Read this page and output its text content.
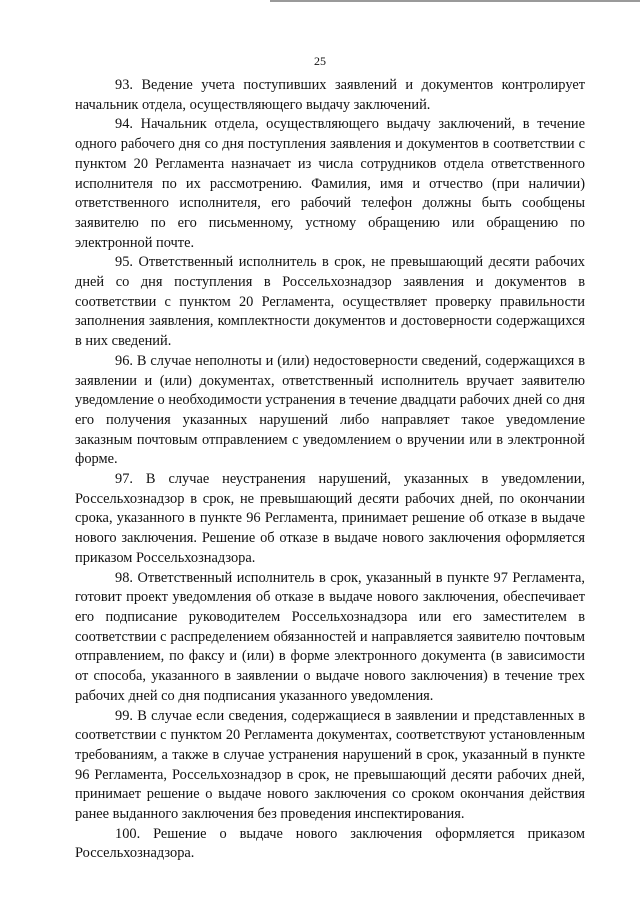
25

93. Ведение учета поступивших заявлений и документов контролирует начальник отдела, осуществляющего выдачу заключений.

94. Начальник отдела, осуществляющего выдачу заключений, в течение одного рабочего дня со дня поступления заявления и документов в соответствии с пунктом 20 Регламента назначает из числа сотрудников отдела ответственного исполнителя по их рассмотрению. Фамилия, имя и отчество (при наличии) ответственного исполнителя, его рабочий телефон должны быть сообщены заявителю по его письменному, устному обращению или обращению по электронной почте.

95. Ответственный исполнитель в срок, не превышающий десяти рабочих дней со дня поступления в Россельхознадзор заявления и документов в соответствии с пунктом 20 Регламента, осуществляет проверку правильности заполнения заявления, комплектности документов и достоверности содержащихся в них сведений.

96. В случае неполноты и (или) недостоверности сведений, содержащихся в заявлении и (или) документах, ответственный исполнитель вручает заявителю уведомление о необходимости устранения в течение двадцати рабочих дней со дня его получения указанных нарушений либо направляет такое уведомление заказным почтовым отправлением с уведомлением о вручении или в электронной форме.

97. В случае неустранения нарушений, указанных в уведомлении, Россельхознадзор в срок, не превышающий десяти рабочих дней, по окончании срока, указанного в пункте 96 Регламента, принимает решение об отказе в выдаче нового заключения. Решение об отказе в выдаче нового заключения оформляется приказом Россельхознадзора.

98. Ответственный исполнитель в срок, указанный в пункте 97 Регламента, готовит проект уведомления об отказе в выдаче нового заключения, обеспечивает его подписание руководителем Россельхознадзора или его заместителем в соответствии с распределением обязанностей и направляется заявителю почтовым отправлением, по факсу и (или) в форме электронного документа (в зависимости от способа, указанного в заявлении о выдаче нового заключения) в течение трех рабочих дней со дня подписания указанного уведомления.

99. В случае если сведения, содержащиеся в заявлении и представленных в соответствии с пунктом 20 Регламента документах, соответствуют установленным требованиям, а также в случае устранения нарушений в срок, указанный в пункте 96 Регламента, Россельхознадзор в срок, не превышающий десяти рабочих дней, принимает решение о выдаче нового заключения со сроком окончания действия ранее выданного заключения без проведения инспектирования.

100. Решение о выдаче нового заключения оформляется приказом Россельхознадзора.
